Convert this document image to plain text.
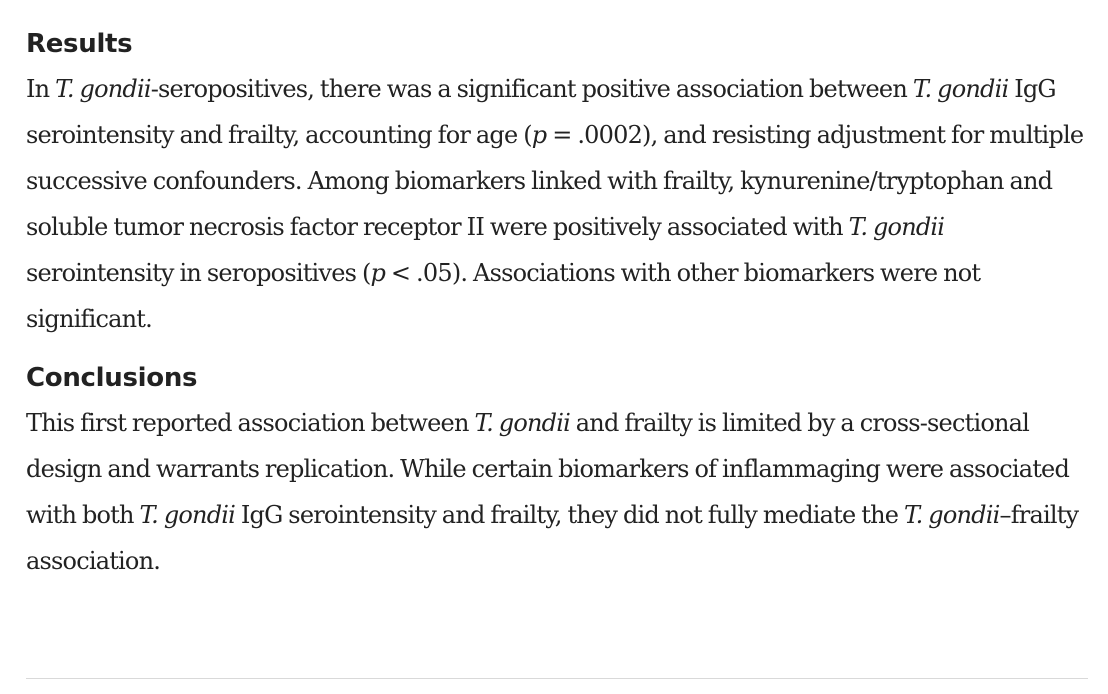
Results

In T. gondii-seropositives, there was a significant positive association between T. gondii IgG serointensity and frailty, accounting for age (p = .0002), and resisting adjustment for multiple successive confounders. Among biomarkers linked with frailty, kynurenine/tryptophan and soluble tumor necrosis factor receptor II were positively associated with T. gondii serointensity in seropositives (p < .05). Associations with other biomarkers were not significant.

Conclusions

This first reported association between T. gondii and frailty is limited by a cross-sectional design and warrants replication. While certain biomarkers of inflammaging were associated with both T. gondii IgG serointensity and frailty, they did not fully mediate the T. gondii–frailty association.
